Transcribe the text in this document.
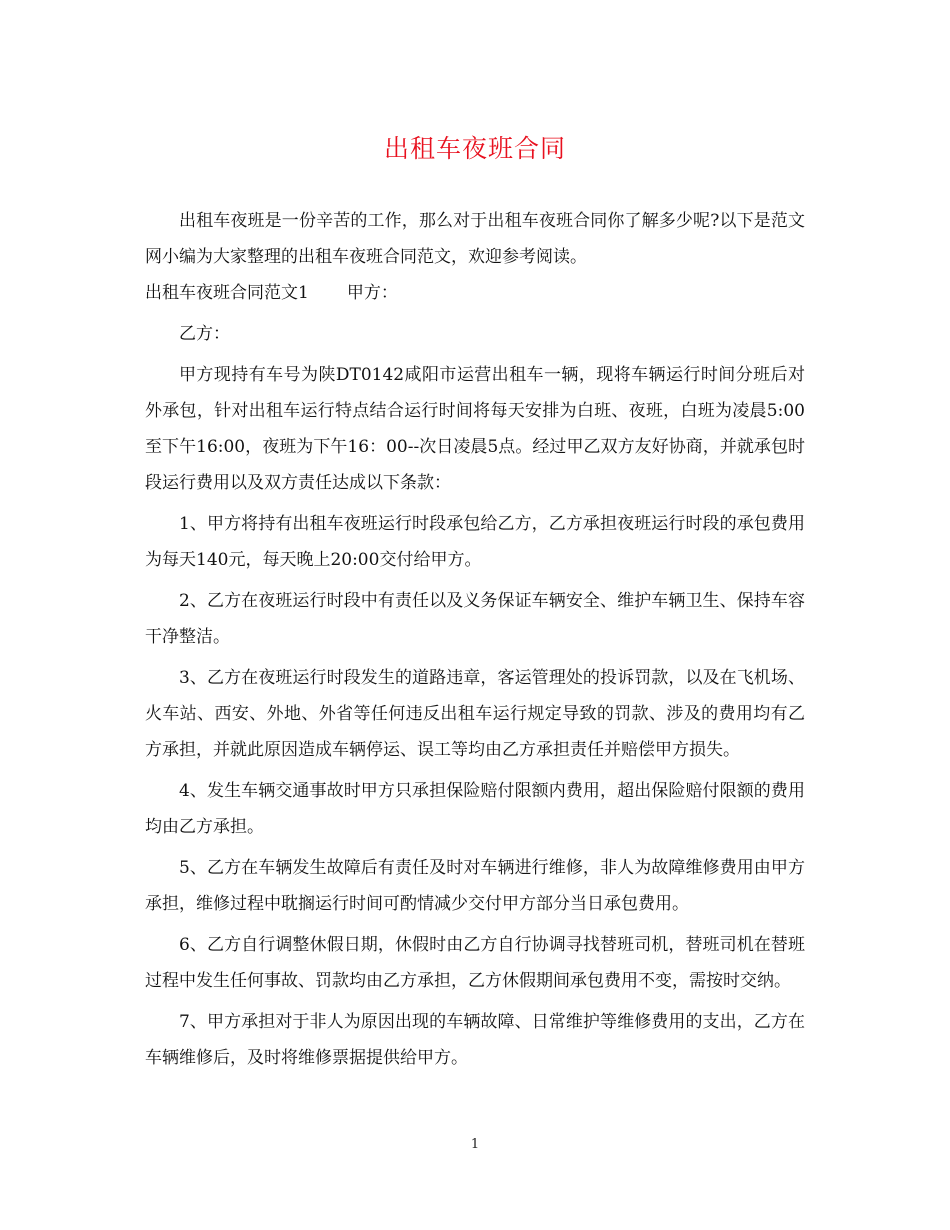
出租车夜班合同

出租车夜班是一份辛苦的工作，那么对于出租车夜班合同你了解多少呢?以下是范文网小编为大家整理的出租车夜班合同范文，欢迎参考阅读。

出租车夜班合同范文1 甲方：

乙方：

甲方现持有车号为陕DT0142咸阳市运营出租车一辆，现将车辆运行时间分班后对外承包，针对出租车运行特点结合运行时间将每天安排为白班、夜班，白班为凌晨5:00至下午16:00，夜班为下午16：00--次日凌晨5点。经过甲乙双方友好协商，并就承包时段运行费用以及双方责任达成以下条款：

1、甲方将持有出租车夜班运行时段承包给乙方，乙方承担夜班运行时段的承包费用为每天140元，每天晚上20:00交付给甲方。

2、乙方在夜班运行时段中有责任以及义务保证车辆安全、维护车辆卫生、保持车容干净整洁。

3、乙方在夜班运行时段发生的道路违章，客运管理处的投诉罚款，以及在飞机场、火车站、西安、外地、外省等任何违反出租车运行规定导致的罚款、涉及的费用均有乙方承担，并就此原因造成车辆停运、误工等均由乙方承担责任并赔偿甲方损失。

4、发生车辆交通事故时甲方只承担保险赔付限额内费用，超出保险赔付限额的费用均由乙方承担。

5、乙方在车辆发生故障后有责任及时对车辆进行维修，非人为故障维修费用由甲方承担，维修过程中耽搁运行时间可酌情减少交付甲方部分当日承包费用。

6、乙方自行调整休假日期，休假时由乙方自行协调寻找替班司机，替班司机在替班过程中发生任何事故、罚款均由乙方承担，乙方休假期间承包费用不变，需按时交纳。

7、甲方承担对于非人为原因出现的车辆故障、日常维护等维修费用的支出，乙方在车辆维修后，及时将维修票据提供给甲方。

1
